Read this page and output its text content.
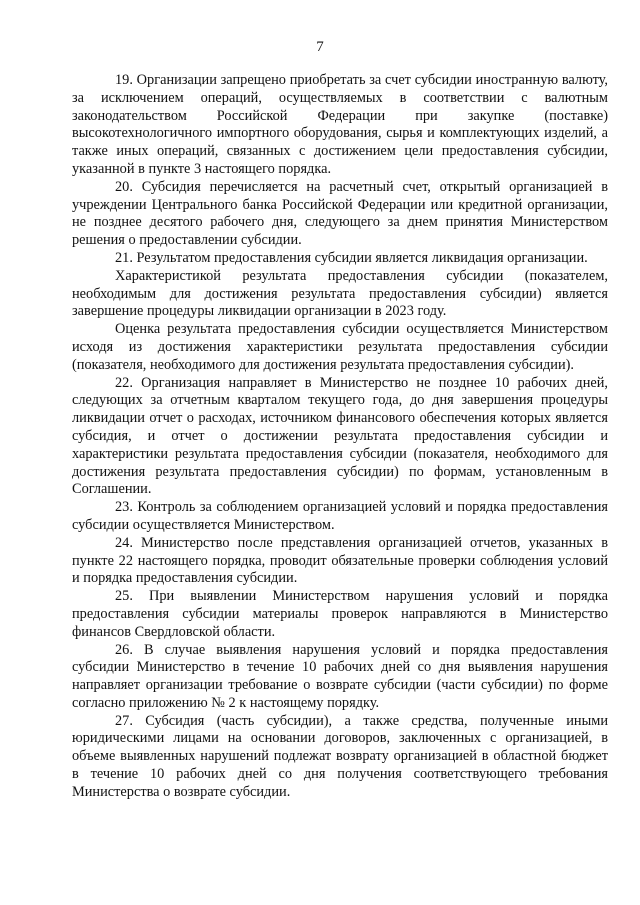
7

19. Организации запрещено приобретать за счет субсидии иностранную валюту, за исключением операций, осуществляемых в соответствии с валютным законодательством Российской Федерации при закупке (поставке) высокотехнологичного импортного оборудования, сырья и комплектующих изделий, а также иных операций, связанных с достижением цели предоставления субсидии, указанной в пункте 3 настоящего порядка.

20. Субсидия перечисляется на расчетный счет, открытый организацией в учреждении Центрального банка Российской Федерации или кредитной организации, не позднее десятого рабочего дня, следующего за днем принятия Министерством решения о предоставлении субсидии.

21. Результатом предоставления субсидии является ликвидация организации.

Характеристикой результата предоставления субсидии (показателем, необходимым для достижения результата предоставления субсидии) является завершение процедуры ликвидации организации в 2023 году.

Оценка результата предоставления субсидии осуществляется Министерством исходя из достижения характеристики результата предоставления субсидии (показателя, необходимого для достижения результата предоставления субсидии).

22. Организация направляет в Министерство не позднее 10 рабочих дней, следующих за отчетным кварталом текущего года, до дня завершения процедуры ликвидации отчет о расходах, источником финансового обеспечения которых является субсидия, и отчет о достижении результата предоставления субсидии и характеристики результата предоставления субсидии (показателя, необходимого для достижения результата предоставления субсидии) по формам, установленным в Соглашении.

23. Контроль за соблюдением организацией условий и порядка предоставления субсидии осуществляется Министерством.

24. Министерство после представления организацией отчетов, указанных в пункте 22 настоящего порядка, проводит обязательные проверки соблюдения условий и порядка предоставления субсидии.

25. При выявлении Министерством нарушения условий и порядка предоставления субсидии материалы проверок направляются в Министерство финансов Свердловской области.

26. В случае выявления нарушения условий и порядка предоставления субсидии Министерство в течение 10 рабочих дней со дня выявления нарушения направляет организации требование о возврате субсидии (части субсидии) по форме согласно приложению № 2 к настоящему порядку.

27. Субсидия (часть субсидии), а также средства, полученные иными юридическими лицами на основании договоров, заключенных с организацией, в объеме выявленных нарушений подлежат возврату организацией в областной бюджет в течение 10 рабочих дней со дня получения соответствующего требования Министерства о возврате субсидии.
